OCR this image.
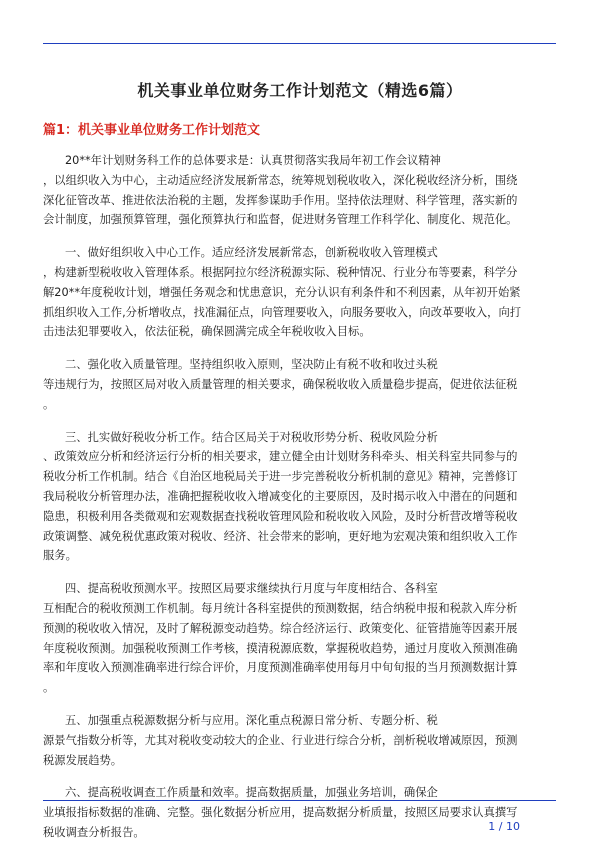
机关事业单位财务工作计划范文（精选6篇）
篇1：机关事业单位财务工作计划范文

20**年计划财务科工作的总体要求是：认真贯彻落实我局年初工作会议精神
，以组织收入为中心，主动适应经济发展新常态，统筹规划税收收入，深化税收经济分析，围绕
深化征管改革、推进依法治税的主题，发挥参谋助手作用。坚持依法理财、科学管理，落实新的
会计制度，加强预算管理，强化预算执行和监督，促进财务管理工作科学化、制度化、规范化。

一、做好组织收入中心工作。适应经济发展新常态，创新税收收入管理模式
，构建新型税收收入管理体系。根据阿拉尔经济税源实际、税种情况、行业分布等要素，科学分
解20**年度税收计划，增强任务观念和忧患意识，充分认识有利条件和不利因素，从年初开始紧
抓组织收入工作,分析增收点，找准漏征点，向管理要收入，向服务要收入，向改革要收入，向打
击违法犯罪要收入，依法征税，确保圆满完成全年税收收入目标。

二、强化收入质量管理。坚持组织收入原则，坚决防止有税不收和收过头税
等违规行为，按照区局对收入质量管理的相关要求，确保税收收入质量稳步提高，促进依法征税
。

三、扎实做好税收分析工作。结合区局关于对税收形势分析、税收风险分析
、政策效应分析和经济运行分析的相关要求，建立健全由计划财务科牵头、相关科室共同参与的
税收分析工作机制。结合《自治区地税局关于进一步完善税收分析机制的意见》精神，完善修订
我局税收分析管理办法，准确把握税收收入增减变化的主要原因，及时揭示收入中潜在的问题和
隐患，积极利用各类微观和宏观数据查找税收管理风险和税收收入风险，及时分析营改增等税收
政策调整、减免税优惠政策对税收、经济、社会带来的影响，更好地为宏观决策和组织收入工作
服务。

四、提高税收预测水平。按照区局要求继续执行月度与年度相结合、各科室
互相配合的税收预测工作机制。每月统计各科室提供的预测数据，结合纳税申报和税款入库分析
预测的税收收入情况，及时了解税源变动趋势。综合经济运行、政策变化、征管措施等因素开展
年度税收预测。加强税收预测工作考核，摸清税源底数，掌握税收趋势，通过月度收入预测准确
率和年度收入预测准确率进行综合评价，月度预测准确率使用每月中旬旬报的当月预测数据计算
。

五、加强重点税源数据分析与应用。深化重点税源日常分析、专题分析、税
源景气指数分析等，尤其对税收变动较大的企业、行业进行综合分析，剖析税收增减原因，预测
税源发展趋势。

六、提高税收调查工作质量和效率。提高数据质量，加强业务培训，确保企
业填报指标数据的准确、完整。强化数据分析应用，提高数据分析质量，按照区局要求认真撰写
税收调查分析报告。	1 / 10
